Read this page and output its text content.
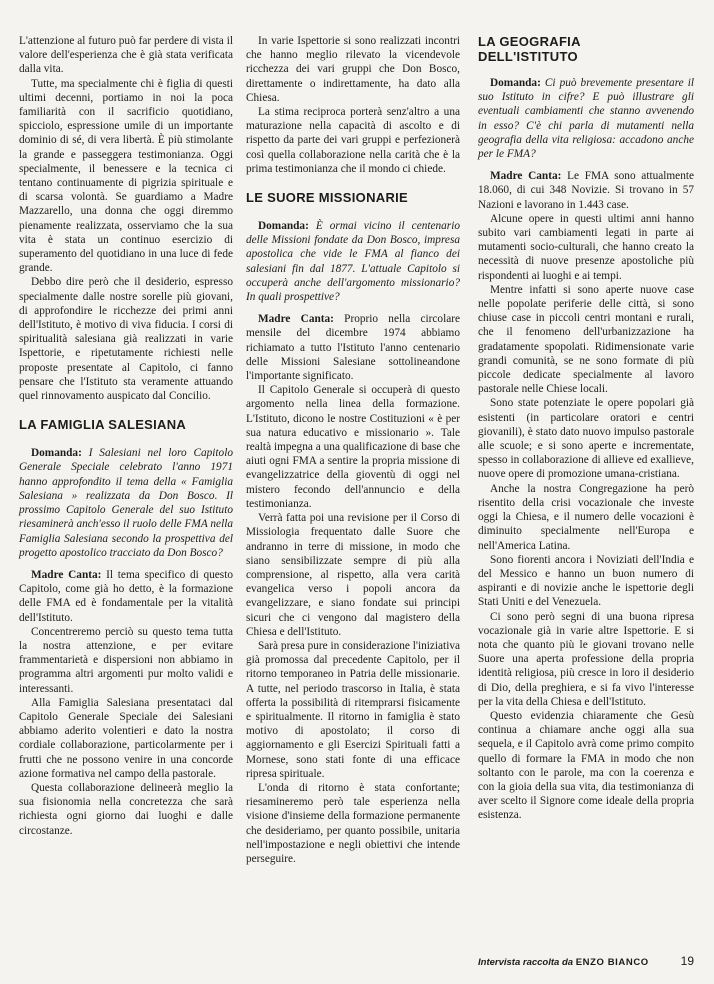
L'attenzione al futuro può far perdere di vista il valore dell'esperienza che è già stata verificata dalla vita.

Tutte, ma specialmente chi è figlia di questi ultimi decenni, portiamo in noi la poca familiarità con il sacrificio quotidiano, spicciolo, espressione umile di un importante dominio di sé, di vera libertà. È più stimolante la grande e passeggera testimonianza. Oggi specialmente, il benessere e la tecnica ci tentano continuamente di pigrizia spirituale e di scarsa volontà. Se guardiamo a Madre Mazzarello, una donna che oggi diremmo pienamente realizzata, osserviamo che la sua vita è stata un continuo esercizio di superamento del quotidiano in una luce di fede grande.

Debbo dire però che il desiderio, espresso specialmente dalle nostre sorelle più giovani, di approfondire le ricchezze dei primi anni dell'Istituto, è motivo di viva fiducia. I corsi di spiritualità salesiana già realizzati in varie Ispettorie, e ripetutamente richiesti nelle proposte presentate al Capitolo, ci fanno pensare che l'Istituto sta veramente attuando quel rinnovamento auspicato dal Concilio.

LA FAMIGLIA SALESIANA

Domanda: I Salesiani nel loro Capitolo Generale Speciale celebrato l'anno 1971 hanno approfondito il tema della « Famiglia Salesiana » realizzata da Don Bosco. Il prossimo Capitolo Generale del suo Istituto riesaminerà anch'esso il ruolo delle FMA nella Famiglia Salesiana secondo la prospettiva del progetto apostolico tracciato da Don Bosco?

Madre Canta: Il tema specifico di questo Capitolo, come già ho detto, è la formazione delle FMA ed è fondamentale per la vitalità dell'Istituto.

Concentreremo perciò su questo tema tutta la nostra attenzione, e per evitare frammentarietà e dispersioni non abbiamo in programma altri argomenti pur molto validi e interessanti.

Alla Famiglia Salesiana presentataci dal Capitolo Generale Speciale dei Salesiani abbiamo aderito volentieri e dato la nostra cordiale collaborazione, particolarmente per i frutti che ne possono venire in una concorde azione formativa nel campo della pastorale.

Questa collaborazione delineerà meglio la sua fisionomia nella concretezza che sarà richiesta ogni giorno dai luoghi e dalle circostanze.

In varie Ispettorie si sono realizzati incontri che hanno meglio rilevato la vicendevole ricchezza dei vari gruppi che Don Bosco, direttamente o indirettamente, ha dato alla Chiesa.

La stima reciproca porterà senz'altro a una maturazione nella capacità di ascolto e di rispetto da parte dei vari gruppi e perfezionerà così quella collaborazione nella carità che è la prima testimonianza che il mondo ci chiede.

LE SUORE MISSIONARIE

Domanda: È ormai vicino il centenario delle Missioni fondate da Don Bosco, impresa apostolica che vide le FMA al fianco dei salesiani fin dal 1877. L'attuale Capitolo si occuperà anche dell'argomento missionario? In quali prospettive?

Madre Canta: Proprio nella circolare mensile del dicembre 1974 abbiamo richiamato a tutto l'Istituto l'anno centenario delle Missioni Salesiane sottolineandone l'importante significato.

Il Capitolo Generale si occuperà di questo argomento nella linea della formazione. L'Istituto, dicono le nostre Costituzioni « è per sua natura educativo e missionario ». Tale realtà impegna a una qualificazione di base che aiuti ogni FMA a sentire la propria missione di evangelizzatrice della gioventù di oggi nel mistero fecondo dell'annuncio e della testimonianza.

Verrà fatta poi una revisione per il Corso di Missiologia frequentato dalle Suore che andranno in terre di missione, in modo che siano sensibilizzate sempre di più alla comprensione, al rispetto, alla vera carità evangelica verso i popoli ancora da evangelizzare, e siano fondate sui principi sicuri che ci vengono dal magistero della Chiesa e dell'Istituto.

Sarà presa pure in considerazione l'iniziativa già promossa dal precedente Capitolo, per il ritorno temporaneo in Patria delle missionarie. A tutte, nel periodo trascorso in Italia, è stata offerta la possibilità di ritemprarsi fisicamente e spiritualmente. Il ritorno in famiglia è stato motivo di apostolato; il corso di aggiornamento e gli Esercizi Spirituali fatti a Mornese, sono stati fonte di una efficace ripresa spirituale.

L'onda di ritorno è stata confortante; riesamineremo però tale esperienza nella visione d'insieme della formazione permanente che desideriamo, per quanto possibile, unitaria nell'impostazione e negli obiettivi che intende perseguire.

LA GEOGRAFIA
DELL'ISTITUTO

Domanda: Ci può brevemente presentare il suo Istituto in cifre? E può illustrare gli eventuali cambiamenti che stanno avvenendo in esso? C'è chi parla di mutamenti nella geografia della vita religiosa: accadono anche per le FMA?

Madre Canta: Le FMA sono attualmente 18.060, di cui 348 Novizie. Si trovano in 57 Nazioni e lavorano in 1.443 case.

Alcune opere in questi ultimi anni hanno subito vari cambiamenti legati in parte ai mutamenti socio-culturali, che hanno creato la necessità di nuove presenze apostoliche più rispondenti ai luoghi e ai tempi.

Mentre infatti si sono aperte nuove case nelle popolate periferie delle città, si sono chiuse case in piccoli centri montani e rurali, che il fenomeno dell'urbanizzazione ha gradatamente spopolati. Ridimensionate varie grandi comunità, se ne sono formate di più piccole dedicate specialmente al lavoro pastorale nelle Chiese locali.

Sono state potenziate le opere popolari già esistenti (in particolare oratori e centri giovanili), è stato dato nuovo impulso pastorale alle scuole; e si sono aperte e incrementate, spesso in collaborazione di allieve ed exallieve, nuove opere di promozione umana-cristiana.

Anche la nostra Congregazione ha però risentito della crisi vocazionale che investe oggi la Chiesa, e il numero delle vocazioni è diminuito specialmente nell'Europa e nell'America Latina.

Sono fiorenti ancora i Noviziati dell'India e del Messico e hanno un buon numero di aspiranti e di novizie anche le ispettorie degli Stati Uniti e del Venezuela.

Ci sono però segni di una buona ripresa vocazionale già in varie altre Ispettorie. E si nota che quanto più le giovani trovano nelle Suore una aperta professione della propria identità religiosa, più cresce in loro il desiderio di Dio, della preghiera, e si fa vivo l'interesse per la vita della Chiesa e dell'Istituto.

Questo evidenzia chiaramente che Gesù continua a chiamare anche oggi alla sua sequela, e il Capitolo avrà come primo compito quello di formare la FMA in modo che non soltanto con le parole, ma con la coerenza e con la gioia della sua vita, dia testimonianza di aver scelto il Signore come ideale della propria esistenza.

Intervista raccolta da ENZO BIANCO	19
